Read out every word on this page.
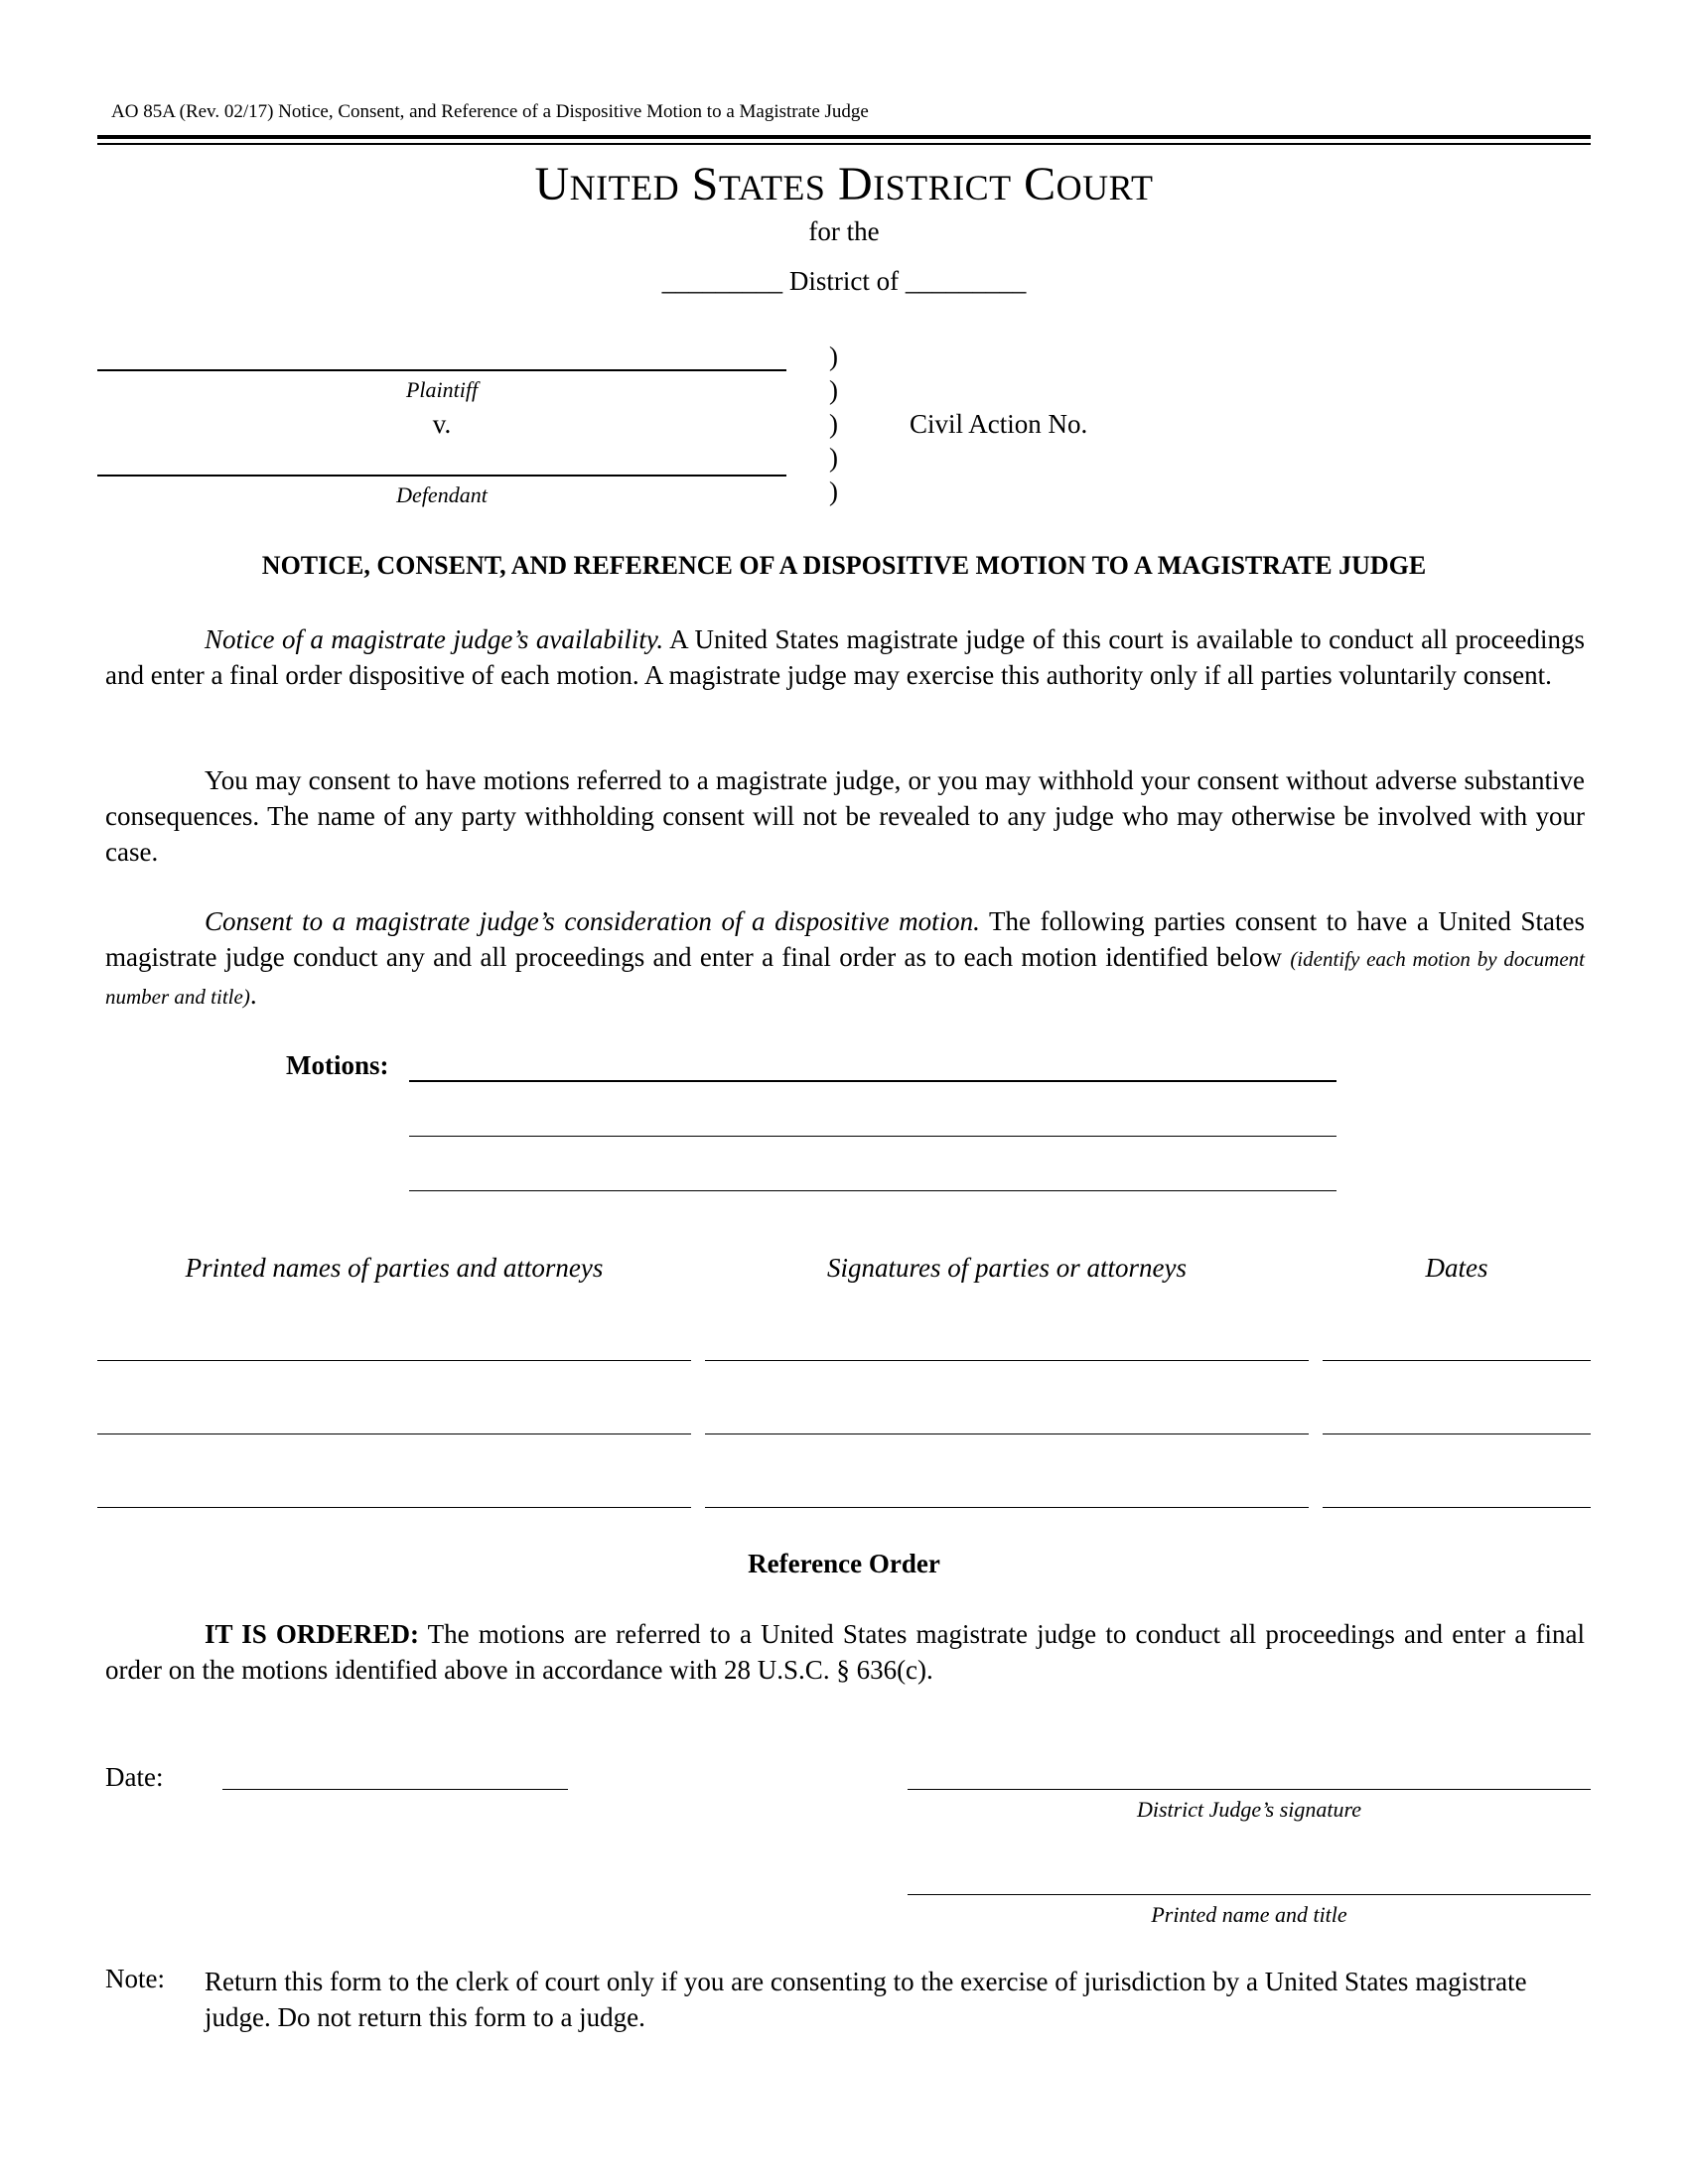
AO 85A (Rev. 02/17) Notice, Consent, and Reference of a Dispositive Motion to a Magistrate Judge
UNITED STATES DISTRICT COURT
for the
_________ District of _________
Plaintiff
v.
Defendant
)
)
)
)
)
Civil Action No.
NOTICE, CONSENT, AND REFERENCE OF A DISPOSITIVE MOTION TO A MAGISTRATE JUDGE
Notice of a magistrate judge’s availability. A United States magistrate judge of this court is available to conduct all proceedings and enter a final order dispositive of each motion. A magistrate judge may exercise this authority only if all parties voluntarily consent.
You may consent to have motions referred to a magistrate judge, or you may withhold your consent without adverse substantive consequences. The name of any party withholding consent will not be revealed to any judge who may otherwise be involved with your case.
Consent to a magistrate judge’s consideration of a dispositive motion. The following parties consent to have a United States magistrate judge conduct any and all proceedings and enter a final order as to each motion identified below (identify each motion by document number and title).
Motions:
Printed names of parties and attorneys	Signatures of parties or attorneys	Dates
Reference Order
IT IS ORDERED: The motions are referred to a United States magistrate judge to conduct all proceedings and enter a final order on the motions identified above in accordance with 28 U.S.C. § 636(c).
Date:
District Judge’s signature
Printed name and title
Note: Return this form to the clerk of court only if you are consenting to the exercise of jurisdiction by a United States magistrate judge. Do not return this form to a judge.
